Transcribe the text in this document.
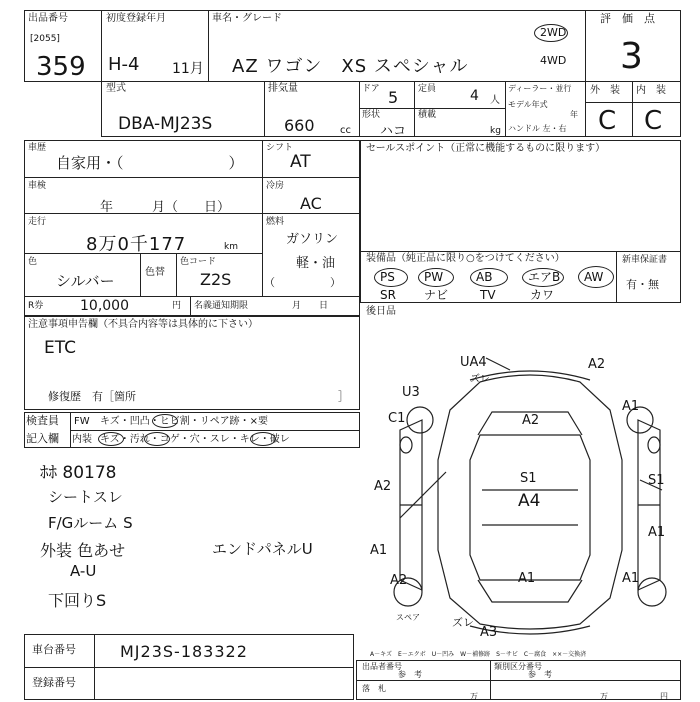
出品番号
[2055]
359
初度登録年月
H-4 11月
車名・グレード
AZ ワゴン　XS スペシャル
2WD
4WD
評　価　点
3
型式
DBA-MJ23S
排気量
660	cc
ドア 5 定員 4 人
形状
ハコ
積載
kg
ディーラー・並行
モデル年式
年
ハンドル 左・右
外　装 内　装
C C
車歴
自家用・（　　　　　　　）
シフト
AT
車検
年　　　月（　　日）
冷房
AC
走行
8万0千177	km
燃料
ガソリン
軽・油
（　　　　　）
色
シルバー	色替
色コード
Z2S
R券	10,000	円 名義通知期限	月　　日
セールスポイント（正常に機能するものに限ります）
装備品（純正品に限り○をつけてください）	新車保証書
有・無
PS PW	AB	エアB AW
SR ナビ	TV	カワ
後日品
注意事項申告欄（不具合内容等は具体的に下さい）
ETC
修復歴　有［箇所	］
検査員
記入欄
FW キズ・凹凸・ヒビ割・リペア跡・×要
内装 キズ・汚れ・コゲ・穴・スレ・キレ・破レ
ﾎﾎ 80178
シートスレ
F/Gルーム S
外装 色あせ
A-U
下回りS
エンドパネルU
UA4	A2
ズレ
U3
C1
A2
A1
A2
A1
S1
A1
A1
A2
S1
A4
A1
ズレ
A3
スペア
車台番号	MJ23S-183322
登録番号
A－キズ　E－エクボ　U－凹み　W－補修跡　S－サビ　C－腐食　××－交換済
出品者番号
参　考
類別区分番号
参　考
落　札
万	万	円
